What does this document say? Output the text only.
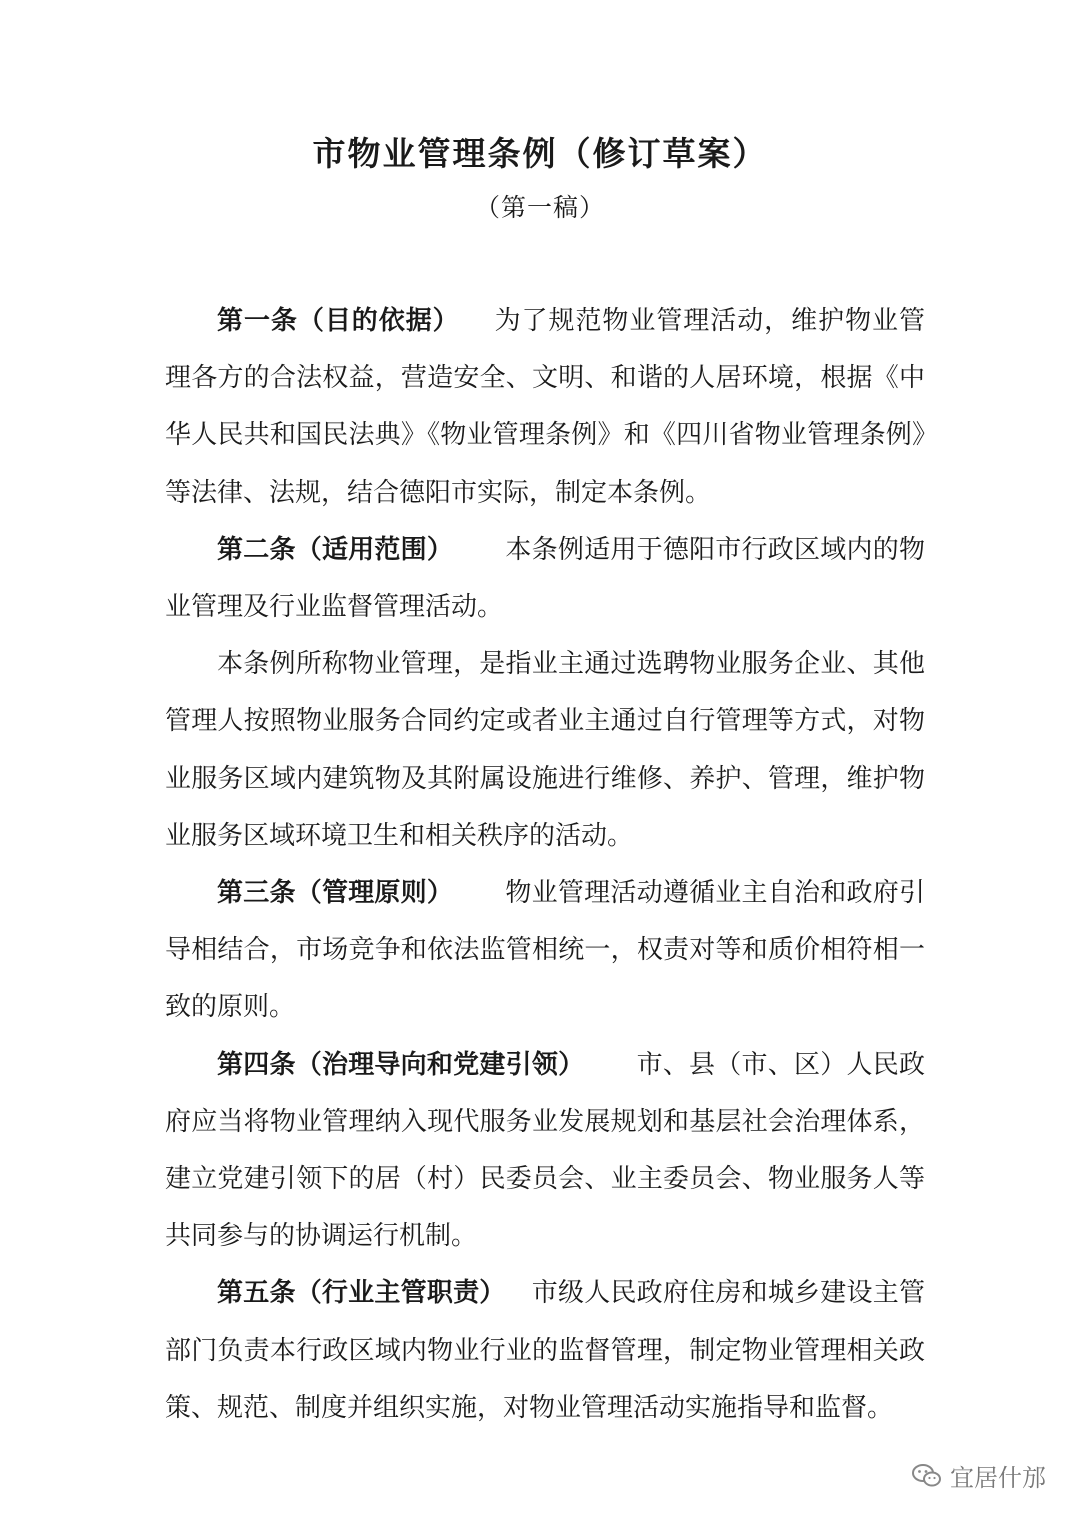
市物业管理条例（修订草案）
（第一稿）

第一条（目的依据） 为了规范物业管理活动，维护物业管理各方的合法权益，营造安全、文明、和谐的人居环境，根据《中华人民共和国民法典》《物业管理条例》和《四川省物业管理条例》等法律、法规，结合德阳市实际，制定本条例。

第二条（适用范围） 本条例适用于德阳市行政区域内的物业管理及行业监督管理活动。

本条例所称物业管理，是指业主通过选聘物业服务企业、其他管理人按照物业服务合同约定或者业主通过自行管理等方式，对物业服务区域内建筑物及其附属设施进行维修、养护、管理，维护物业服务区域环境卫生和相关秩序的活动。

第三条（管理原则） 物业管理活动遵循业主自治和政府引导相结合，市场竞争和依法监管相统一，权责对等和质价相符相一致的原则。

第四条（治理导向和党建引领） 市、县（市、区）人民政府应当将物业管理纳入现代服务业发展规划和基层社会治理体系，建立党建引领下的居（村）民委员会、业主委员会、物业服务人等共同参与的协调运行机制。

第五条（行业主管职责） 市级人民政府住房和城乡建设主管部门负责本行政区域内物业行业的监督管理，制定物业管理相关政策、规范、制度并组织实施，对物业管理活动实施指导和监督。

宜居什邡
